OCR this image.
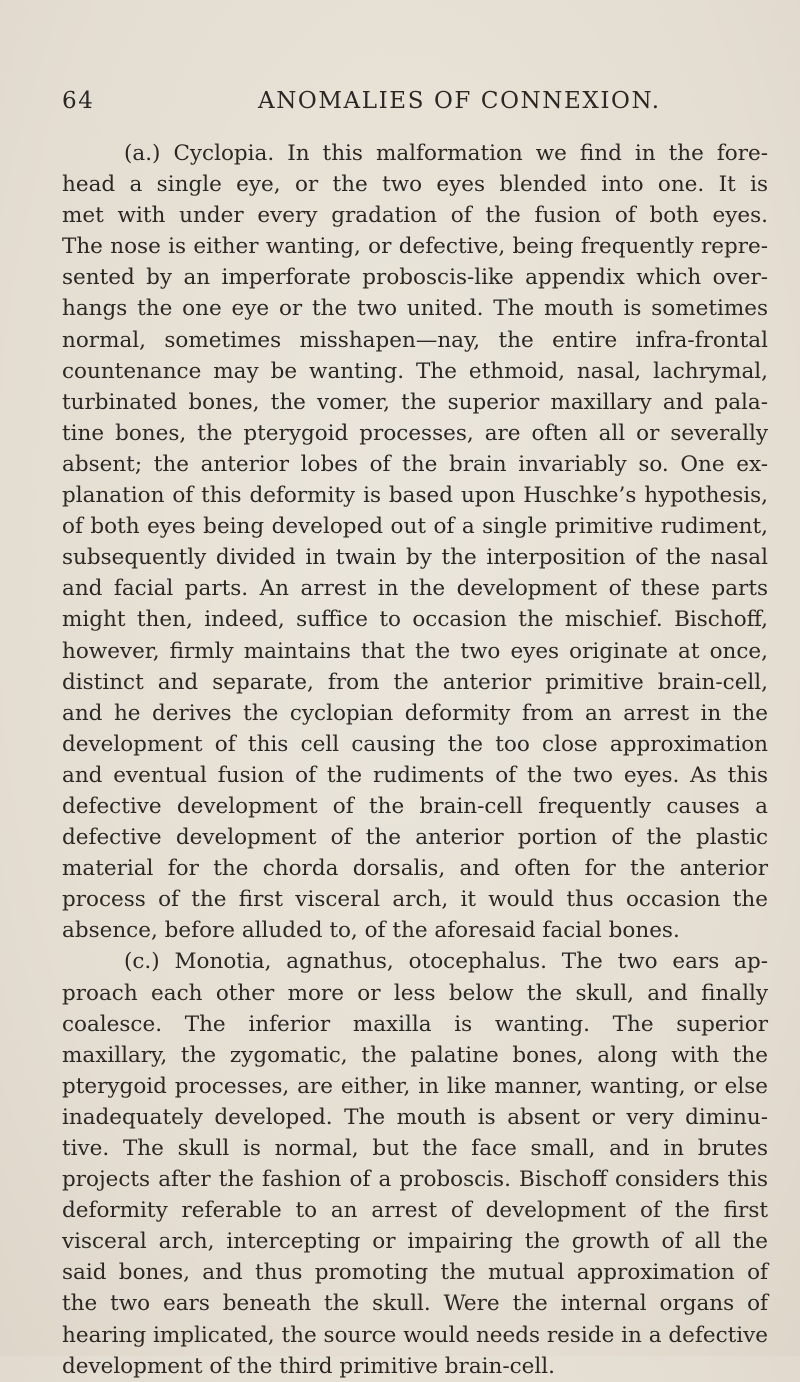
64	ANOMALIES OF CONNEXION.
(a.) Cyclopia. In this malformation we find in the fore-
head a single eye, or the two eyes blended into one. It is
met with under every gradation of the fusion of both eyes.
The nose is either wanting, or defective, being frequently repre-
sented by an imperforate proboscis-like appendix which over-
hangs the one eye or the two united. The mouth is sometimes
normal, sometimes misshapen—nay, the entire infra-frontal
countenance may be wanting. The ethmoid, nasal, lachrymal,
turbinated bones, the vomer, the superior maxillary and pala-
tine bones, the pterygoid processes, are often all or severally
absent; the anterior lobes of the brain invariably so. One ex-
planation of this deformity is based upon Huschke’s hypothesis,
of both eyes being developed out of a single primitive rudiment,
subsequently divided in twain by the interposition of the nasal
and facial parts. An arrest in the development of these parts
might then, indeed, suffice to occasion the mischief. Bischoff,
however, firmly maintains that the two eyes originate at once,
distinct and separate, from the anterior primitive brain-cell,
and he derives the cyclopian deformity from an arrest in the
development of this cell causing the too close approximation
and eventual fusion of the rudiments of the two eyes. As this
defective development of the brain-cell frequently causes a
defective development of the anterior portion of the plastic
material for the chorda dorsalis, and often for the anterior
process of the first visceral arch, it would thus occasion the
absence, before alluded to, of the aforesaid facial bones.
(c.) Monotia, agnathus, otocephalus. The two ears ap-
proach each other more or less below the skull, and finally
coalesce. The inferior maxilla is wanting. The superior
maxillary, the zygomatic, the palatine bones, along with the
pterygoid processes, are either, in like manner, wanting, or else
inadequately developed. The mouth is absent or very diminu-
tive. The skull is normal, but the face small, and in brutes
projects after the fashion of a proboscis. Bischoff considers this
deformity referable to an arrest of development of the first
visceral arch, intercepting or impairing the growth of all the
said bones, and thus promoting the mutual approximation of
the two ears beneath the skull. Were the internal organs of
hearing implicated, the source would needs reside in a defective
development of the third primitive brain-cell.
